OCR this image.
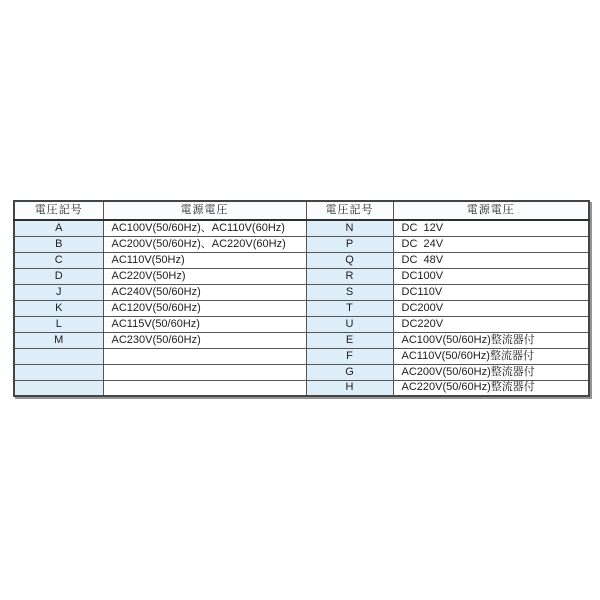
電圧記号	電源電圧	電圧記号	電源電圧
A	AC100V(50/60Hz)、AC110V(60Hz)	N	DC  12V
B	AC200V(50/60Hz)、AC220V(60Hz)	P	DC  24V
C	AC110V(50Hz)	Q	DC  48V
D	AC220V(50Hz)	R	DC100V
J	AC240V(50/60Hz)	S	DC110V
K	AC120V(50/60Hz)	T	DC200V
L	AC115V(50/60Hz)	U	DC220V
M	AC230V(50/60Hz)	E	AC100V(50/60Hz)整流器付
		F	AC110V(50/60Hz)整流器付
		G	AC200V(50/60Hz)整流器付
		H	AC220V(50/60Hz)整流器付
